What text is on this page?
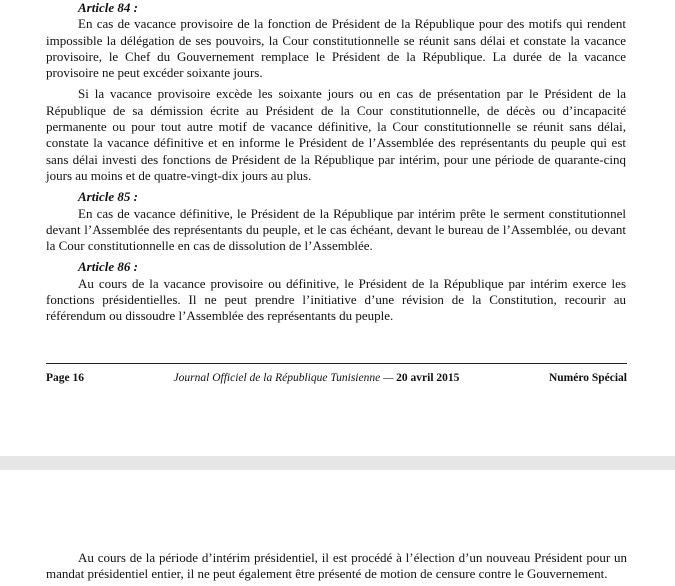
Article 84 :

En cas de vacance provisoire de la fonction de Président de la République pour des motifs qui rendent impossible la délégation de ses pouvoirs, la Cour constitutionnelle se réunit sans délai et constate la vacance provisoire, le Chef du Gouvernement remplace le Président de la République. La durée de la vacance provisoire ne peut excéder soixante jours.

Si la vacance provisoire excède les soixante jours ou en cas de présentation par le Président de la République de sa démission écrite au Président de la Cour constitutionnelle, de décès ou d’incapacité permanente ou pour tout autre motif de vacance définitive, la Cour constitutionnelle se réunit sans délai, constate la vacance définitive et en informe le Président de l’Assemblée des représentants du peuple qui est sans délai investi des fonctions de Président de la République par intérim, pour une période de quarante-cinq jours au moins et de quatre-vingt-dix jours au plus.

Article 85 :

En cas de vacance définitive, le Président de la République par intérim prête le serment constitutionnel devant l’Assemblée des représentants du peuple, et le cas échéant, devant le bureau de l’Assemblée, ou devant la Cour constitutionnelle en cas de dissolution de l’Assemblée.

Article 86 :

Au cours de la vacance provisoire ou définitive, le Président de la République par intérim exerce les fonctions présidentielles. Il ne peut prendre l’initiative d’une révision de la Constitution, recourir au référendum ou dissoudre l’Assemblée des représentants du peuple.

Page 16	Journal Officiel de la République Tunisienne — 20 avril 2015	Numéro Spécial

Au cours de la période d’intérim présidentiel, il est procédé à l’élection d’un nouveau Président pour un mandat présidentiel entier, il ne peut également être présenté de motion de censure contre le Gouvernement.
